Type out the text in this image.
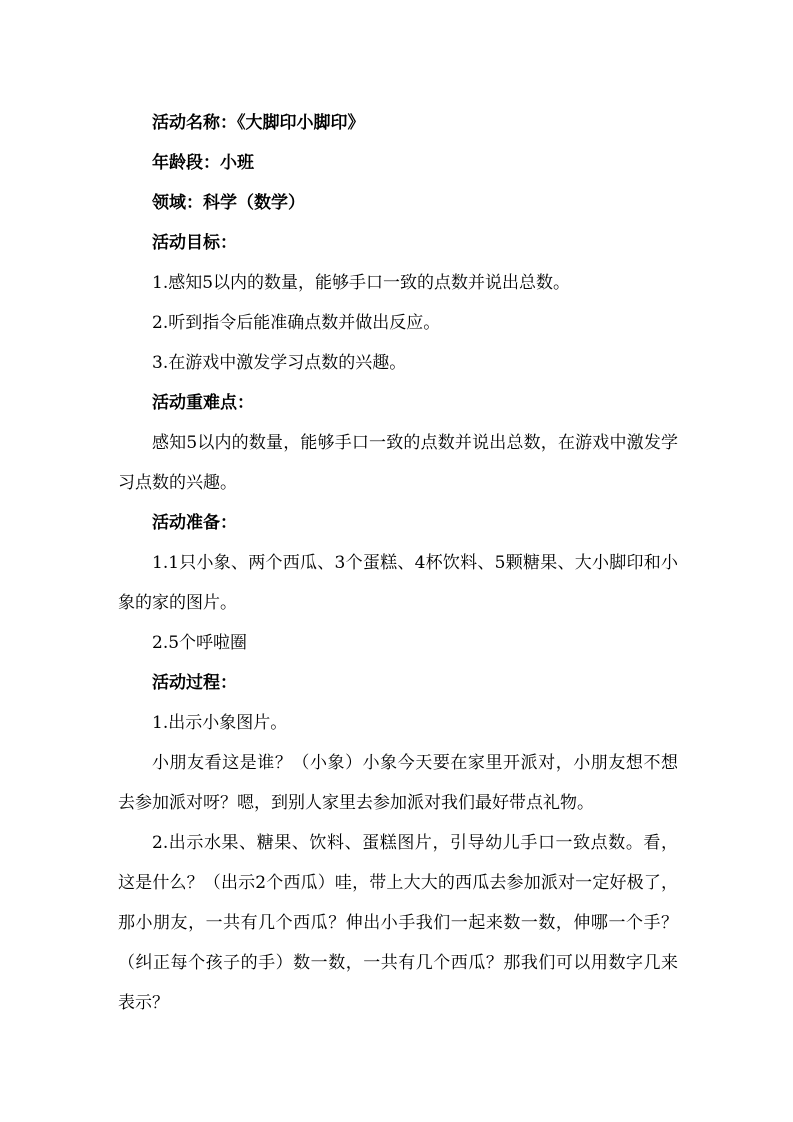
活动名称：《大脚印小脚印》
年龄段：小班
领域：科学（数学）
活动目标：
1.感知5以内的数量，能够手口一致的点数并说出总数。
2.听到指令后能准确点数并做出反应。
3.在游戏中激发学习点数的兴趣。
活动重难点：
感知5以内的数量，能够手口一致的点数并说出总数，在游戏中激发学习点数的兴趣。
活动准备：
1.1只小象、两个西瓜、3个蛋糕、4杯饮料、5颗糖果、大小脚印和小象的家的图片。
2.5个呼啦圈
活动过程：
1.出示小象图片。
小朋友看这是谁？（小象）小象今天要在家里开派对，小朋友想不想去参加派对呀？嗯，到别人家里去参加派对我们最好带点礼物。
2.出示水果、糖果、饮料、蛋糕图片，引导幼儿手口一致点数。看，这是什么？（出示2个西瓜）哇，带上大大的西瓜去参加派对一定好极了，那小朋友，一共有几个西瓜？伸出小手我们一起来数一数，伸哪一个手？（纠正每个孩子的手）数一数，一共有几个西瓜？那我们可以用数字几来表示？
